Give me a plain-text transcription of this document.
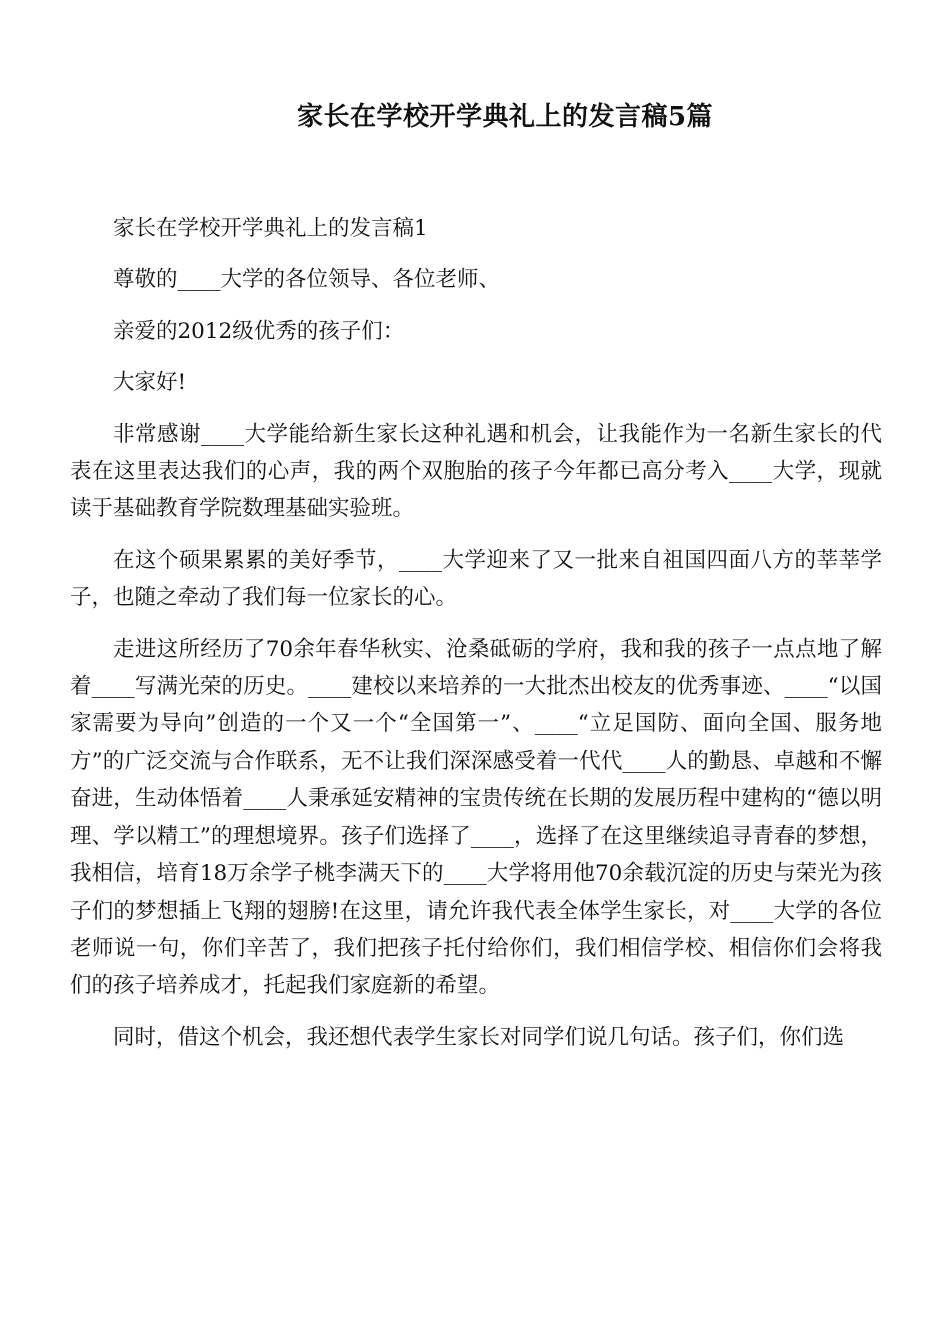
家长在学校开学典礼上的发言稿5篇

家长在学校开学典礼上的发言稿1

尊敬的____大学的各位领导、各位老师、

亲爱的2012级优秀的孩子们：

大家好!

非常感谢____大学能给新生家长这种礼遇和机会，让我能作为一名新生家长的代表在这里表达我们的心声，我的两个双胞胎的孩子今年都已高分考入____大学，现就读于基础教育学院数理基础实验班。

在这个硕果累累的美好季节，____大学迎来了又一批来自祖国四面八方的莘莘学子，也随之牵动了我们每一位家长的心。

走进这所经历了70余年春华秋实、沧桑砥砺的学府，我和我的孩子一点点地了解着____写满光荣的历史。____建校以来培养的一大批杰出校友的优秀事迹、____“以国家需要为导向”创造的一个又一个“全国第一”、____“立足国防、面向全国、服务地方”的广泛交流与合作联系，无不让我们深深感受着一代代____人的勤恳、卓越和不懈奋进，生动体悟着____人秉承延安精神的宝贵传统在长期的发展历程中建构的“德以明理、学以精工”的理想境界。孩子们选择了____，选择了在这里继续追寻青春的梦想，我相信，培育18万余学子桃李满天下的____大学将用他70余载沉淀的历史与荣光为孩子们的梦想插上飞翔的翅膀!在这里，请允许我代表全体学生家长，对____大学的各位老师说一句，你们辛苦了，我们把孩子托付给你们，我们相信学校、相信你们会将我们的孩子培养成才，托起我们家庭新的希望。

同时，借这个机会，我还想代表学生家长对同学们说几句话。孩子们，你们选
